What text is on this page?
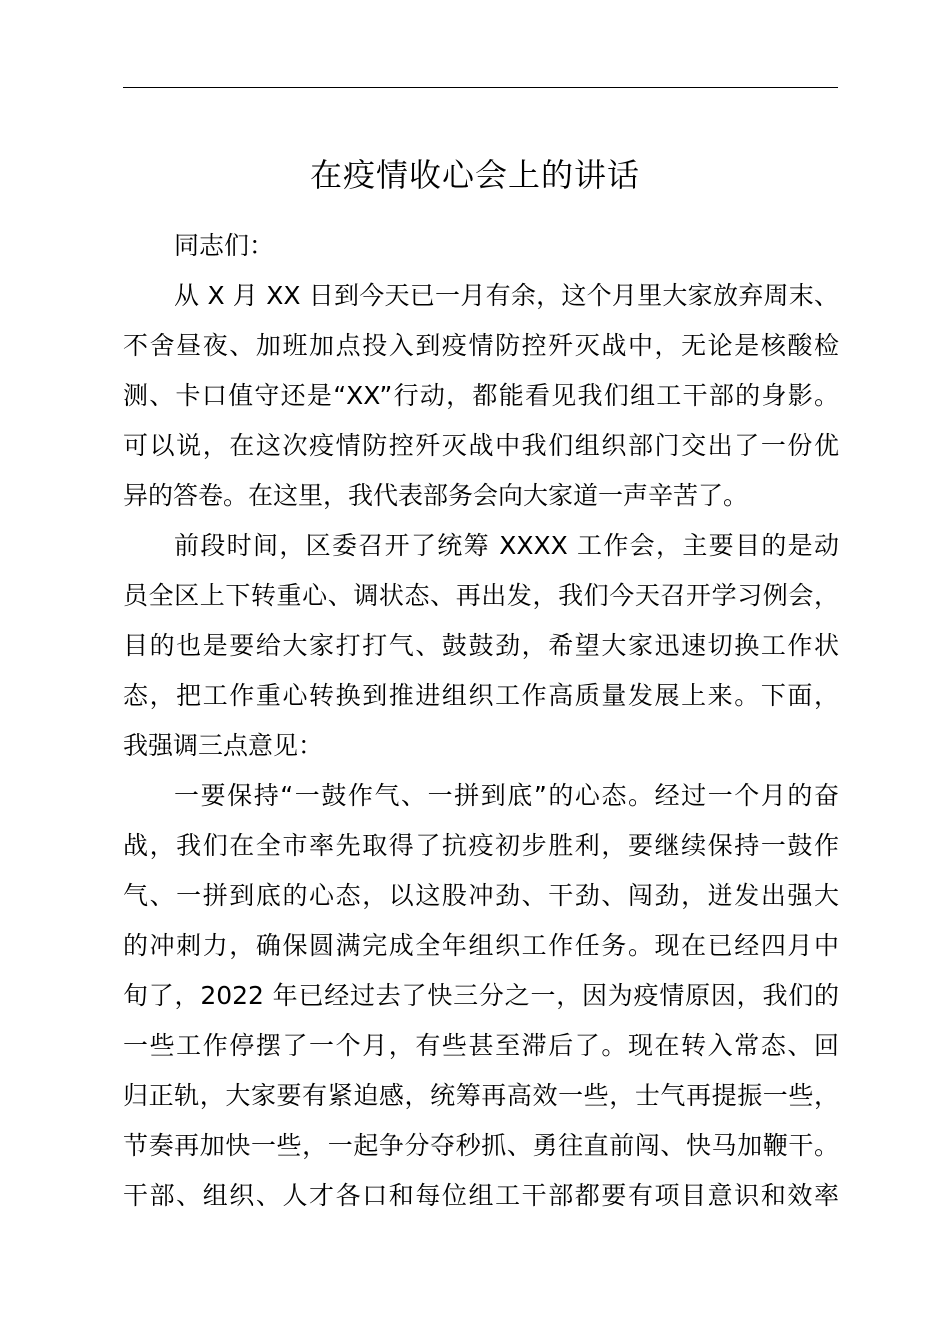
在疫情收心会上的讲话
同志们：
从 X 月 XX 日到今天已一月有余，这个月里大家放弃周末、
不舍昼夜、加班加点投入到疫情防控歼灭战中，无论是核酸检
测、卡口值守还是“XX”行动，都能看见我们组工干部的身影。
可以说，在这次疫情防控歼灭战中我们组织部门交出了一份优
异的答卷。在这里，我代表部务会向大家道一声辛苦了。
前段时间，区委召开了统筹 XXXX 工作会，主要目的是动
员全区上下转重心、调状态、再出发，我们今天召开学习例会，
目的也是要给大家打打气、鼓鼓劲，希望大家迅速切换工作状
态，把工作重心转换到推进组织工作高质量发展上来。下面，
我强调三点意见：
一要保持“一鼓作气、一拼到底”的心态。经过一个月的奋
战，我们在全市率先取得了抗疫初步胜利，要继续保持一鼓作
气、一拼到底的心态，以这股冲劲、干劲、闯劲，迸发出强大
的冲刺力，确保圆满完成全年组织工作任务。现在已经四月中
旬了，2022 年已经过去了快三分之一，因为疫情原因，我们的
一些工作停摆了一个月，有些甚至滞后了。现在转入常态、回
归正轨，大家要有紧迫感，统筹再高效一些，士气再提振一些，
节奏再加快一些，一起争分夺秒抓、勇往直前闯、快马加鞭干。
干部、组织、人才各口和每位组工干部都要有项目意识和效率
